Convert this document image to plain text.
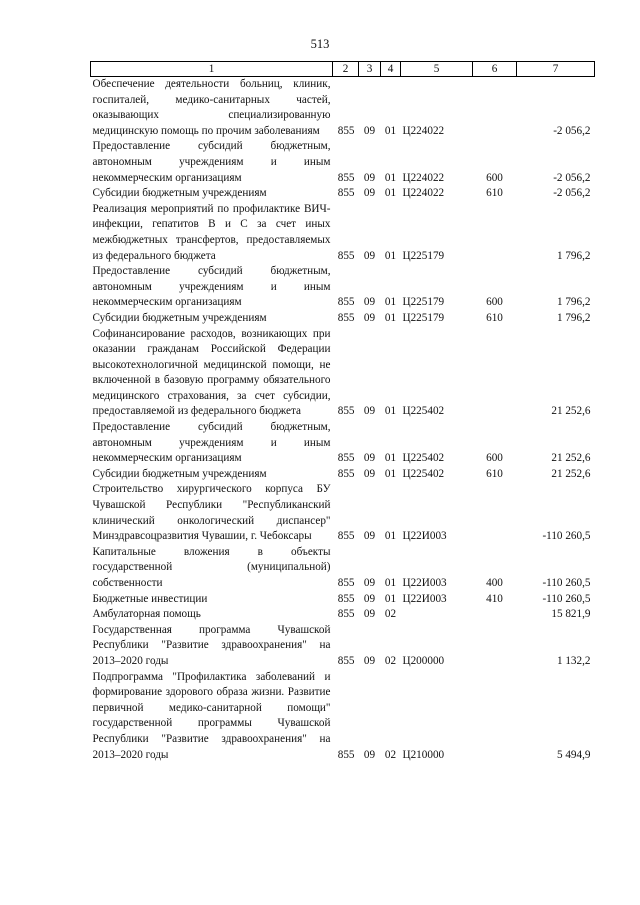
513
1	2	3	4	5	6	7
Обеспечение деятельности больниц, клиник, госпиталей, медико-санитарных частей, оказывающих специализированную медицинскую помощь по прочим заболеваниям	855	09	01	Ц224022		-2 056,2
Предоставление субсидий бюджетным, автономным учреждениям и иным некоммерческим организациям	855	09	01	Ц224022	600	-2 056,2
Субсидии бюджетным учреждениям	855	09	01	Ц224022	610	-2 056,2
Реализация мероприятий по профилактике ВИЧ-инфекции, гепатитов В и С за счет иных межбюджетных трансфертов, предоставляемых из федерального бюджета	855	09	01	Ц225179		1 796,2
Предоставление субсидий бюджетным, автономным учреждениям и иным некоммерческим организациям	855	09	01	Ц225179	600	1 796,2
Субсидии бюджетным учреждениям	855	09	01	Ц225179	610	1 796,2
Софинансирование расходов, возникающих при оказании гражданам Российской Федерации высокотехнологичной медицинской помощи, не включенной в базовую программу обязательного медицинского страхования, за счет субсидии, предоставляемой из федерального бюджета	855	09	01	Ц225402		21 252,6
Предоставление субсидий бюджетным, автономным учреждениям и иным некоммерческим организациям	855	09	01	Ц225402	600	21 252,6
Субсидии бюджетным учреждениям	855	09	01	Ц225402	610	21 252,6
Строительство хирургического корпуса БУ Чувашской Республики "Республиканский клинический онкологический диспансер" Минздравсоцразвития Чувашии, г. Чебоксары	855	09	01	Ц22И003		-110 260,5
Капитальные вложения в объекты государственной (муниципальной) собственности	855	09	01	Ц22И003	400	-110 260,5
Бюджетные инвестиции	855	09	01	Ц22И003	410	-110 260,5
Амбулаторная помощь	855	09	02			15 821,9
Государственная программа Чувашской Республики "Развитие здравоохранения" на 2013–2020 годы	855	09	02	Ц200000		1 132,2
Подпрограмма "Профилактика заболеваний и формирование здорового образа жизни. Развитие первичной медико-санитарной помощи" государственной программы Чувашской Республики "Развитие здравоохранения" на 2013–2020 годы	855	09	02	Ц210000		5 494,9
